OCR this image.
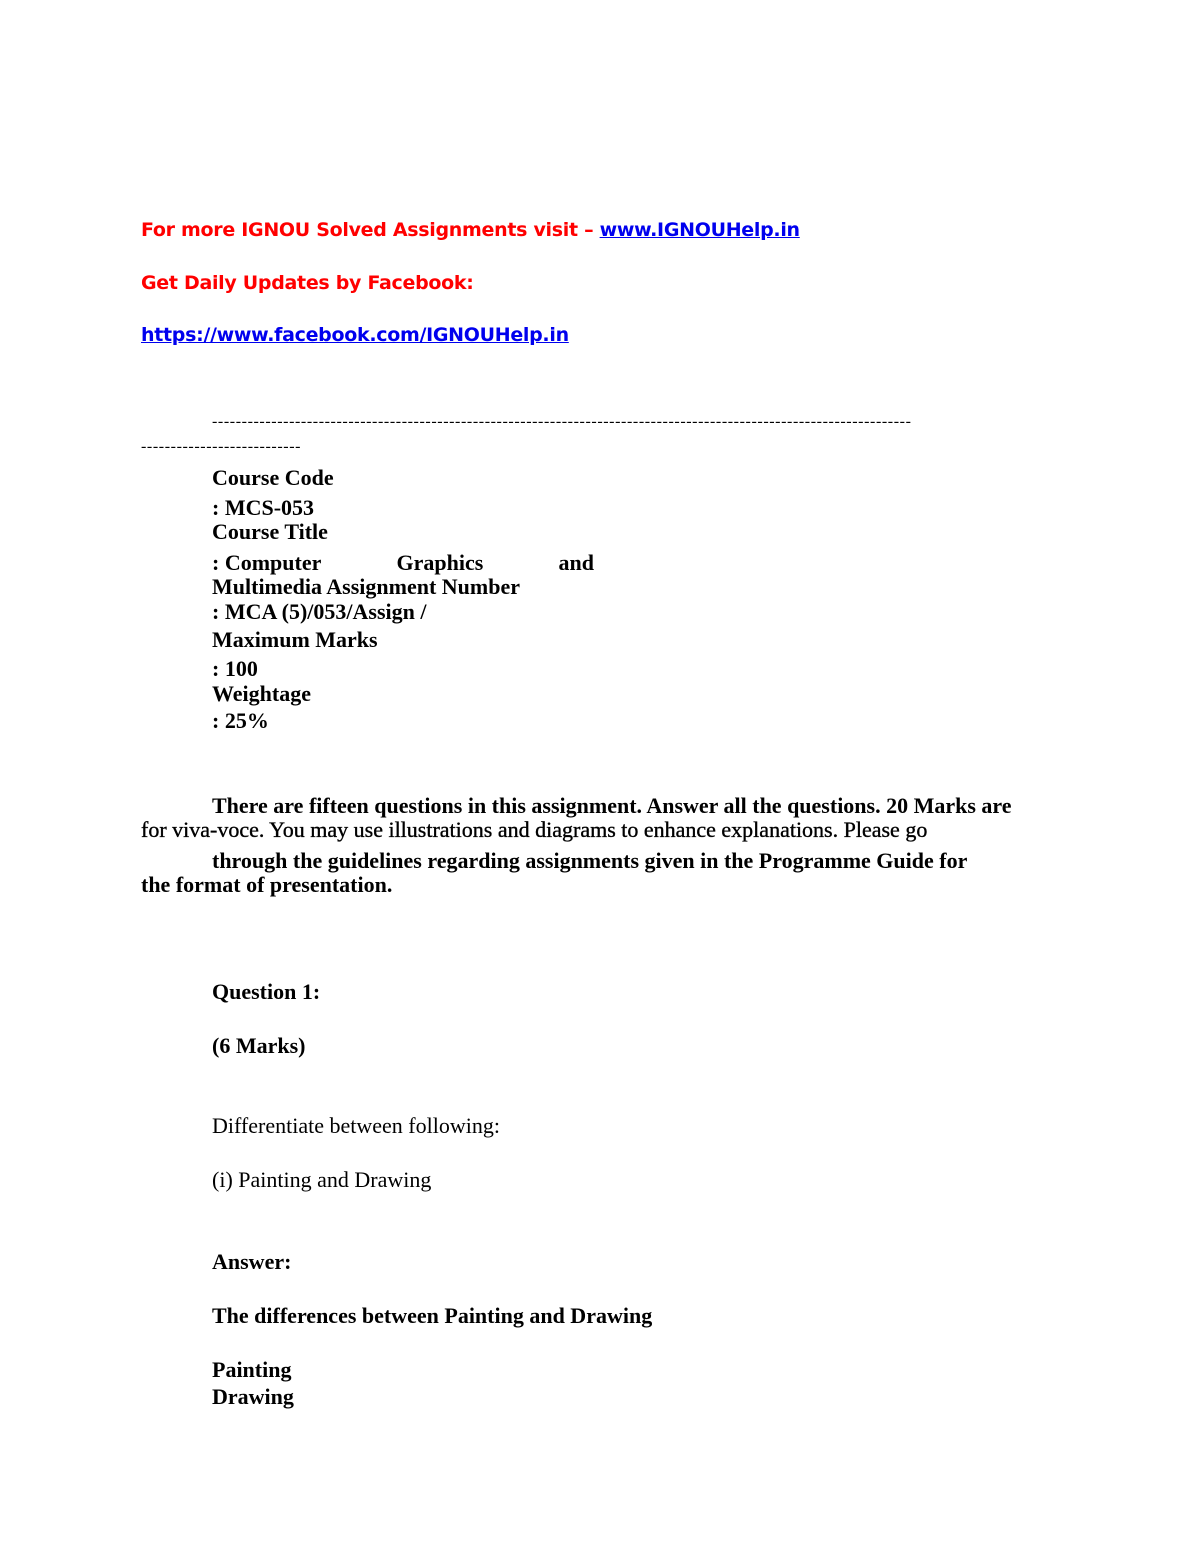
For more IGNOU Solved Assignments visit – www.IGNOUHelp.in
Get Daily Updates by Facebook:
https://www.facebook.com/IGNOUHelp.in
----------------------------------------------------------------------------------------------------------------------
---------------------------
Course Code
: MCS-053
Course Title
: Computer	Graphics	and
Multimedia Assignment Number
: MCA (5)/053/Assign /
Maximum Marks
: 100
Weightage
: 25%
There are fifteen questions in this assignment. Answer all the questions. 20 Marks are
for viva-voce. You may use illustrations and diagrams to enhance explanations. Please go
through the guidelines regarding assignments given in the Programme Guide for
the format of presentation.
Question 1:
(6 Marks)
Differentiate between following:
(i) Painting and Drawing
Answer:
The differences between Painting and Drawing
Painting
Drawing
